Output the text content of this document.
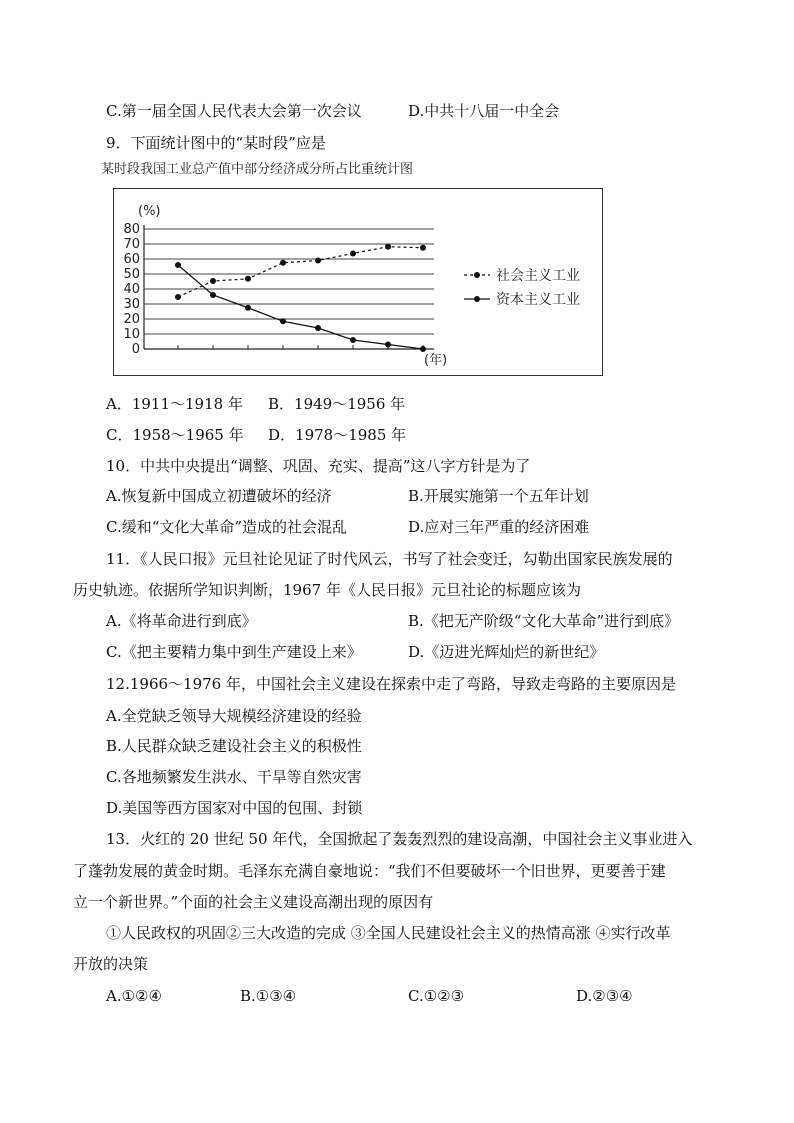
C.第一届全国人民代表大会第一次会议	D.中共十八届一中全会
9．下面统计图中的“某时段”应是
某时段我国工业总产值中部分经济成分所占比重统计图
80
70
60
50
40
30
20
10
0
(%)
(年)
社会主义工业
资本主义工业
A．1911～1918 年 B．1949～1956 年
C．1958～1965 年 D．1978～1985 年
10．中共中央提出“调整、巩固、充实、提高”这八字方针是为了
A.恢复新中国成立初遭破坏的经济	B.开展实施第一个五年计划
C.缓和“文化大革命”造成的社会混乱	D.应对三年严重的经济困难
11．《人民口报》元旦社论见证了时代风云，书写了社会变迁，勾勒出国家民族发展的
历史轨迹。依据所学知识判断，1967 年《人民日报》元旦社论的标题应该为
A.《将革命进行到底》	B.《把无产阶级“文化大革命”进行到底》
C.《把主要精力集中到生产建设上来》	D.《迈进光辉灿烂的新世纪》
12.1966～1976 年，中国社会主义建设在探索中走了弯路，导致走弯路的主要原因是
A.全党缺乏领导大规模经济建设的经验
B.人民群众缺乏建设社会主义的积极性
C.各地频繁发生洪水、干旱等自然灾害
D.美国等西方国家对中国的包围、封锁
13．火红的 20 世纪 50 年代，全国掀起了轰轰烈烈的建设高潮，中国社会主义事业进入
了蓬勃发展的黄金时期。毛泽东充满自豪地说：“我们不但要破坏一个旧世界，更要善于建
立一个新世界。”个面的社会主义建设高潮出现的原因有
①人民政权的巩固②三大改造的完成 ③全国人民建设社会主义的热情高涨 ④实行改革
开放的决策
A.①②④	B.①③④	C.①②③	D.②③④
